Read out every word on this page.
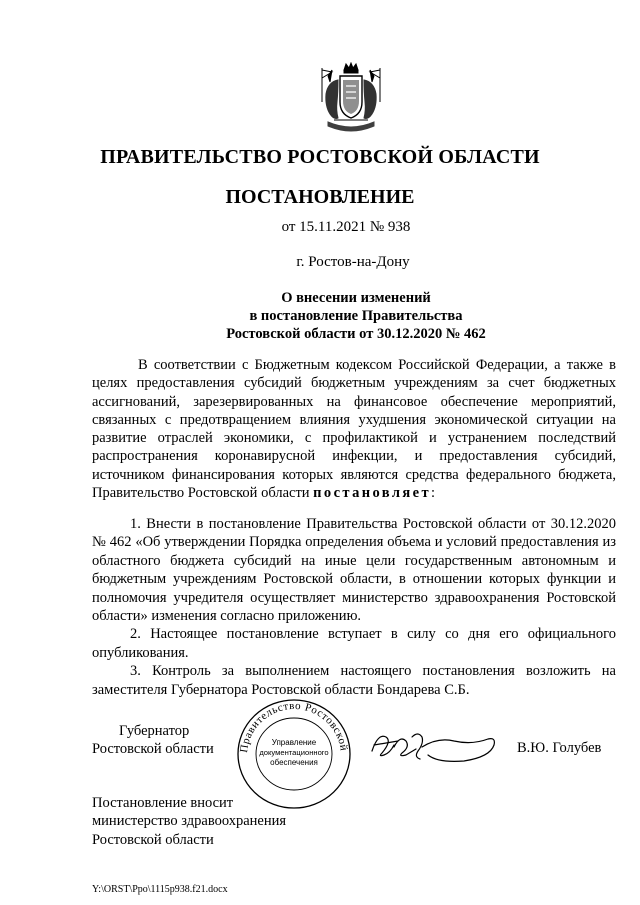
ПРАВИТЕЛЬСТВО РОСТОВСКОЙ ОБЛАСТИ
ПОСТАНОВЛЕНИЕ
от 15.11.2021 № 938
г. Ростов-на-Дону
О внесении изменений
в постановление Правительства
Ростовской области от 30.12.2020 № 462

В соответствии с Бюджетным кодексом Российской Федерации, а также в целях предоставления субсидий бюджетным учреждениям за счет бюджетных ассигнований, зарезервированных на финансовое обеспечение мероприятий, связанных с предотвращением влияния ухудшения экономической ситуации на развитие отраслей экономики, с профилактикой и устранением последствий распространения коронавирусной инфекции, и предоставления субсидий, источником финансирования которых являются средства федерального бюджета, Правительство Ростовской области постановляет:

1. Внести в постановление Правительства Ростовской области от 30.12.2020 № 462 «Об утверждении Порядка определения объема и условий предоставления из областного бюджета субсидий на иные цели государственным автономным и бюджетным учреждениям Ростовской области, в отношении которых функции и полномочия учредителя осуществляет министерство здравоохранения Ростовской области» изменения согласно приложению.

2. Настоящее постановление вступает в силу со дня его официального опубликования.

3. Контроль за выполнением настоящего постановления возложить на заместителя Губернатора Ростовской области Бондарева С.Б.

Губернатор
Ростовской области	Правительство Ростовской
Управление
документационного
обеспечения
В.Ю. Голубев
Постановление вносит
министерство здравоохранения
Ростовской области
Y:\ORST\Ppo\1115p938.f21.docx
